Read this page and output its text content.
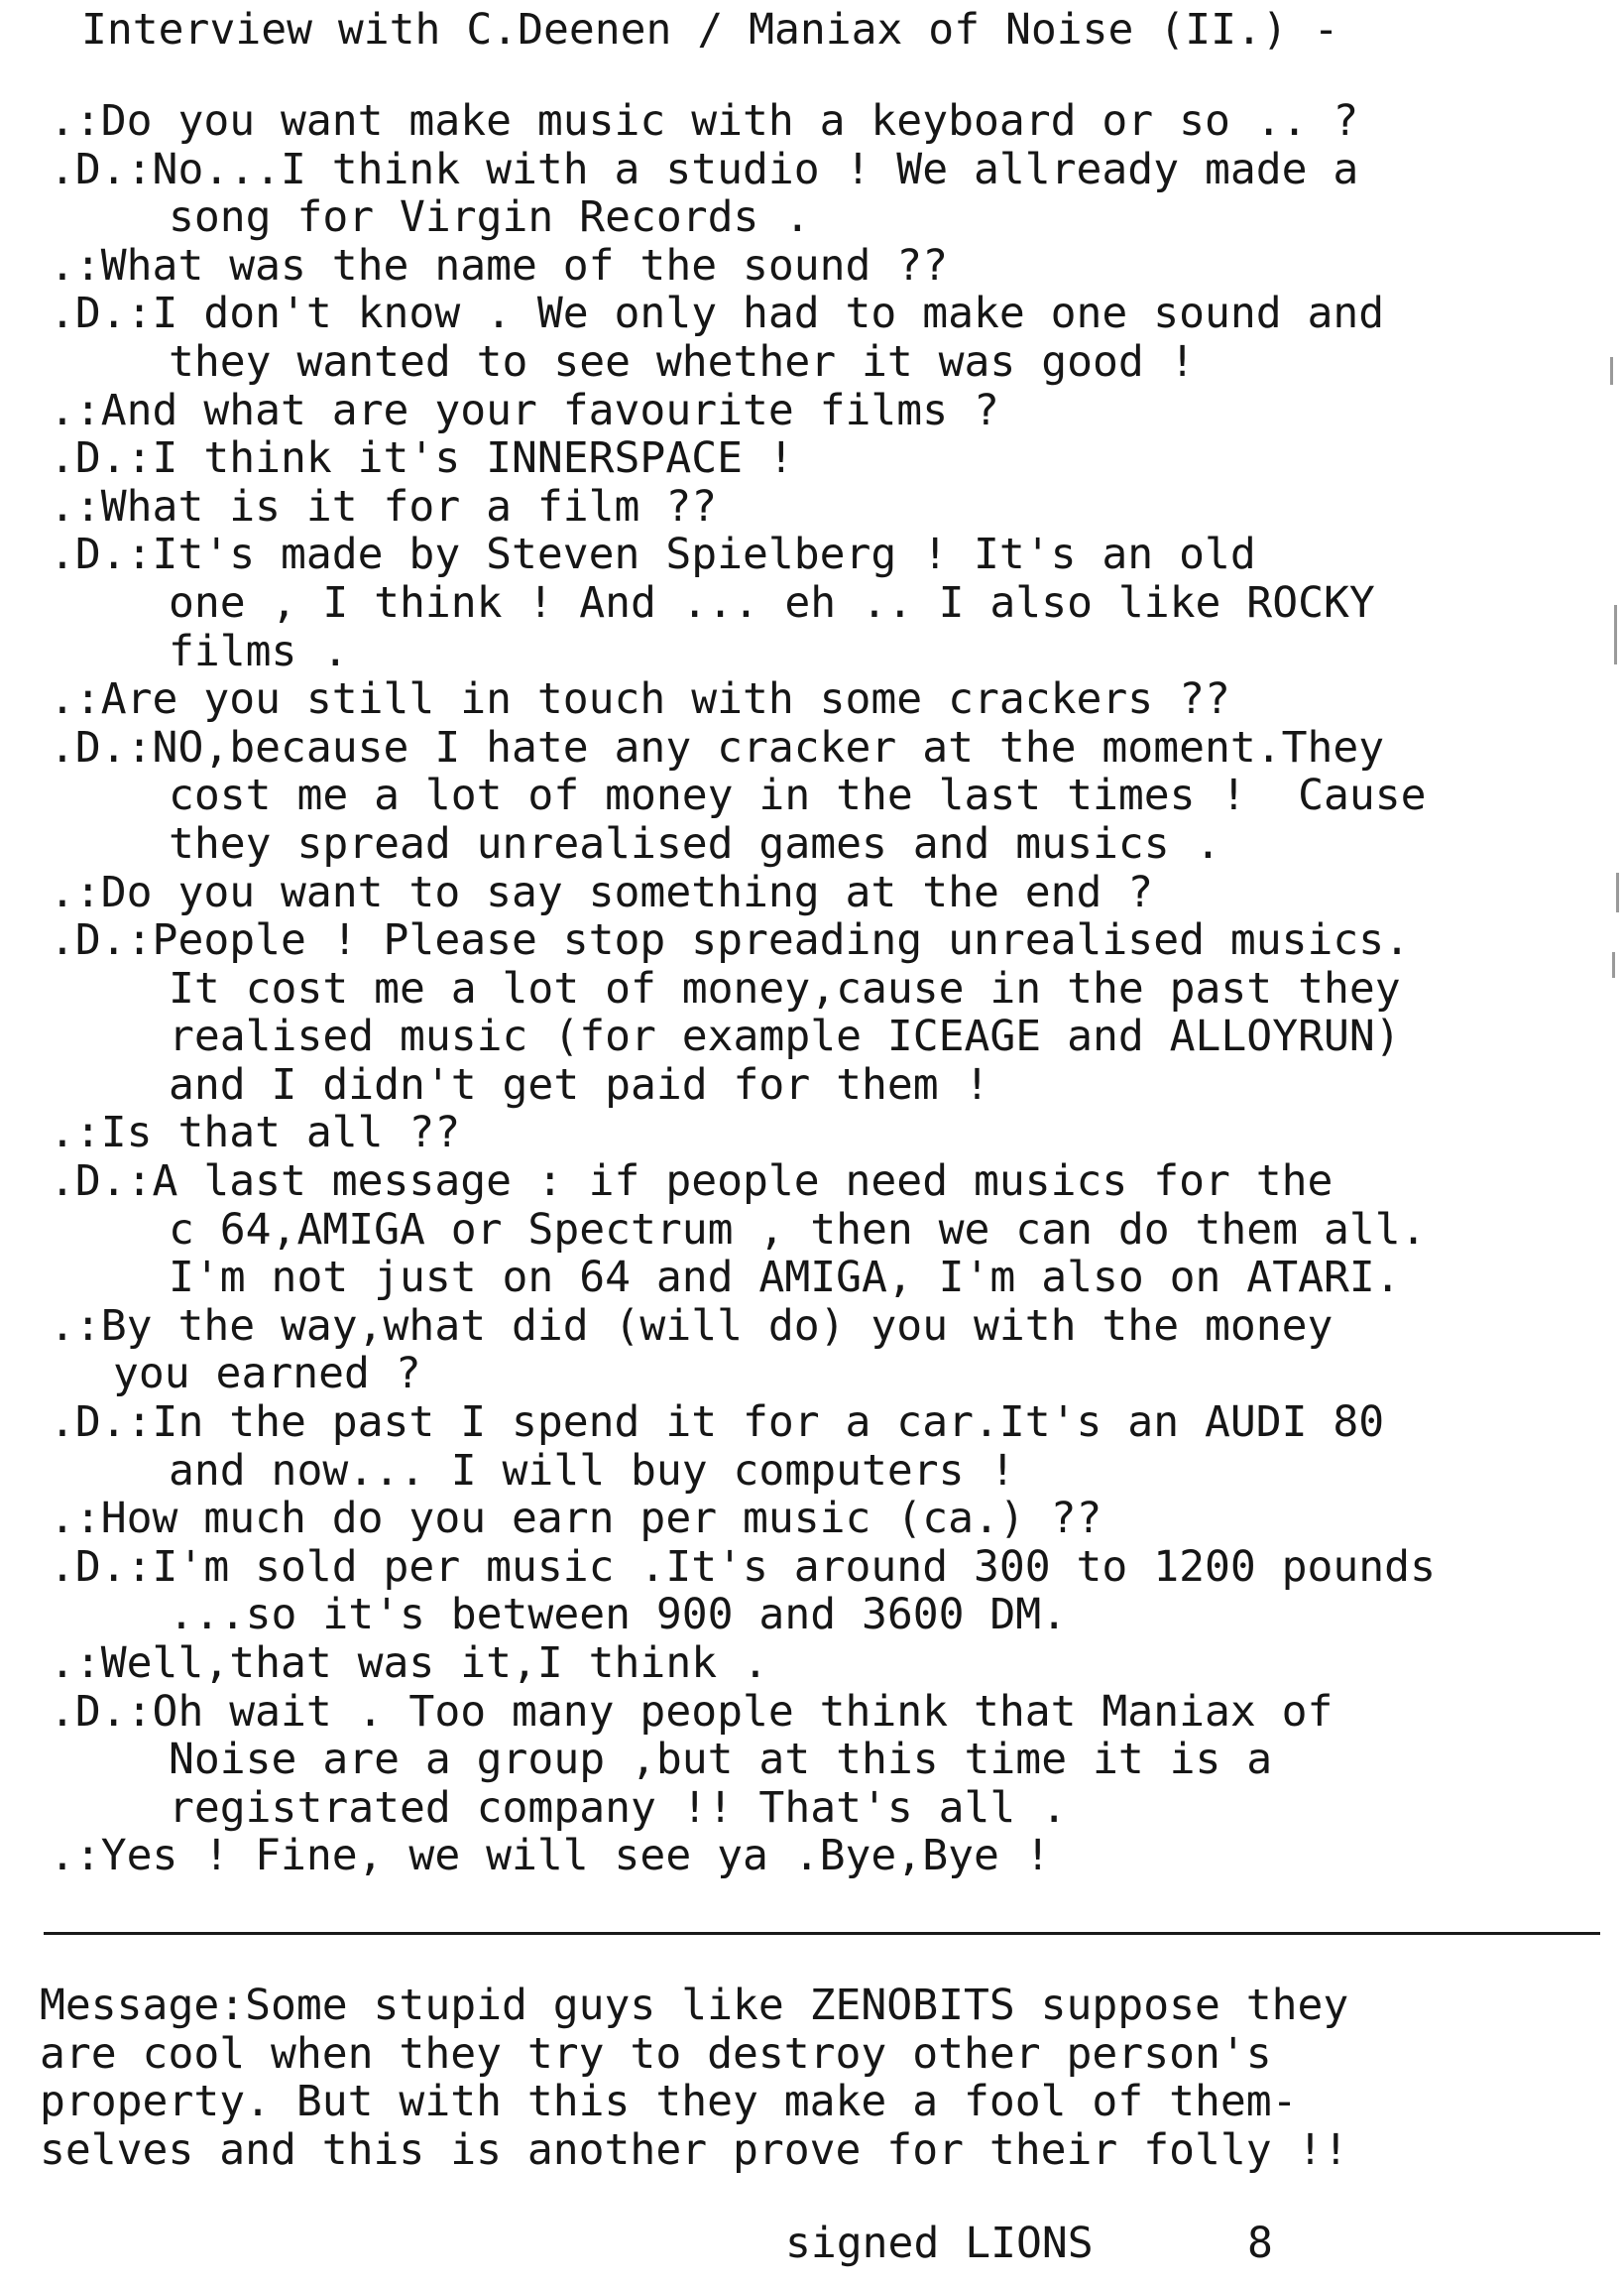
Interview with C.Deenen / Maniax of Noise (II.) -
.:Do you want make music with a keyboard or so .. ?
.D.:No...I think with a studio ! We allready made a
song for Virgin Records .
.:What was the name of the sound ??
.D.:I don't know . We only had to make one sound and
they wanted to see whether it was good !
.:And what are your favourite films ?
.D.:I think it's INNERSPACE !
.:What is it for a film ??
.D.:It's made by Steven Spielberg ! It's an old
one , I think ! And ... eh .. I also like ROCKY
films .
.:Are you still in touch with some crackers ??
.D.:NO,because I hate any cracker at the moment.They
cost me a lot of money in the last times !  Cause
they spread unrealised games and musics .
.:Do you want to say something at the end ?
.D.:People ! Please stop spreading unrealised musics.
It cost me a lot of money,cause in the past they
realised music (for example ICEAGE and ALLOYRUN)
and I didn't get paid for them !
.:Is that all ??
.D.:A last message : if people need musics for the
c 64,AMIGA or Spectrum , then we can do them all.
I'm not just on 64 and AMIGA, I'm also on ATARI.
.:By the way,what did (will do) you with the money
you earned ?
.D.:In the past I spend it for a car.It's an AUDI 80
and now... I will buy computers !
.:How much do you earn per music (ca.) ??
.D.:I'm sold per music .It's around 300 to 1200 pounds
...so it's between 900 and 3600 DM.
.:Well,that was it,I think .
.D.:Oh wait . Too many people think that Maniax of
Noise are a group ,but at this time it is a
registrated company !! That's all .
.:Yes ! Fine, we will see ya .Bye,Bye !
Message:Some stupid guys like ZENOBITS suppose they
are cool when they try to destroy other person's
property. But with this they make a fool of them-
selves and this is another prove for their folly !!
signed LIONS	8
